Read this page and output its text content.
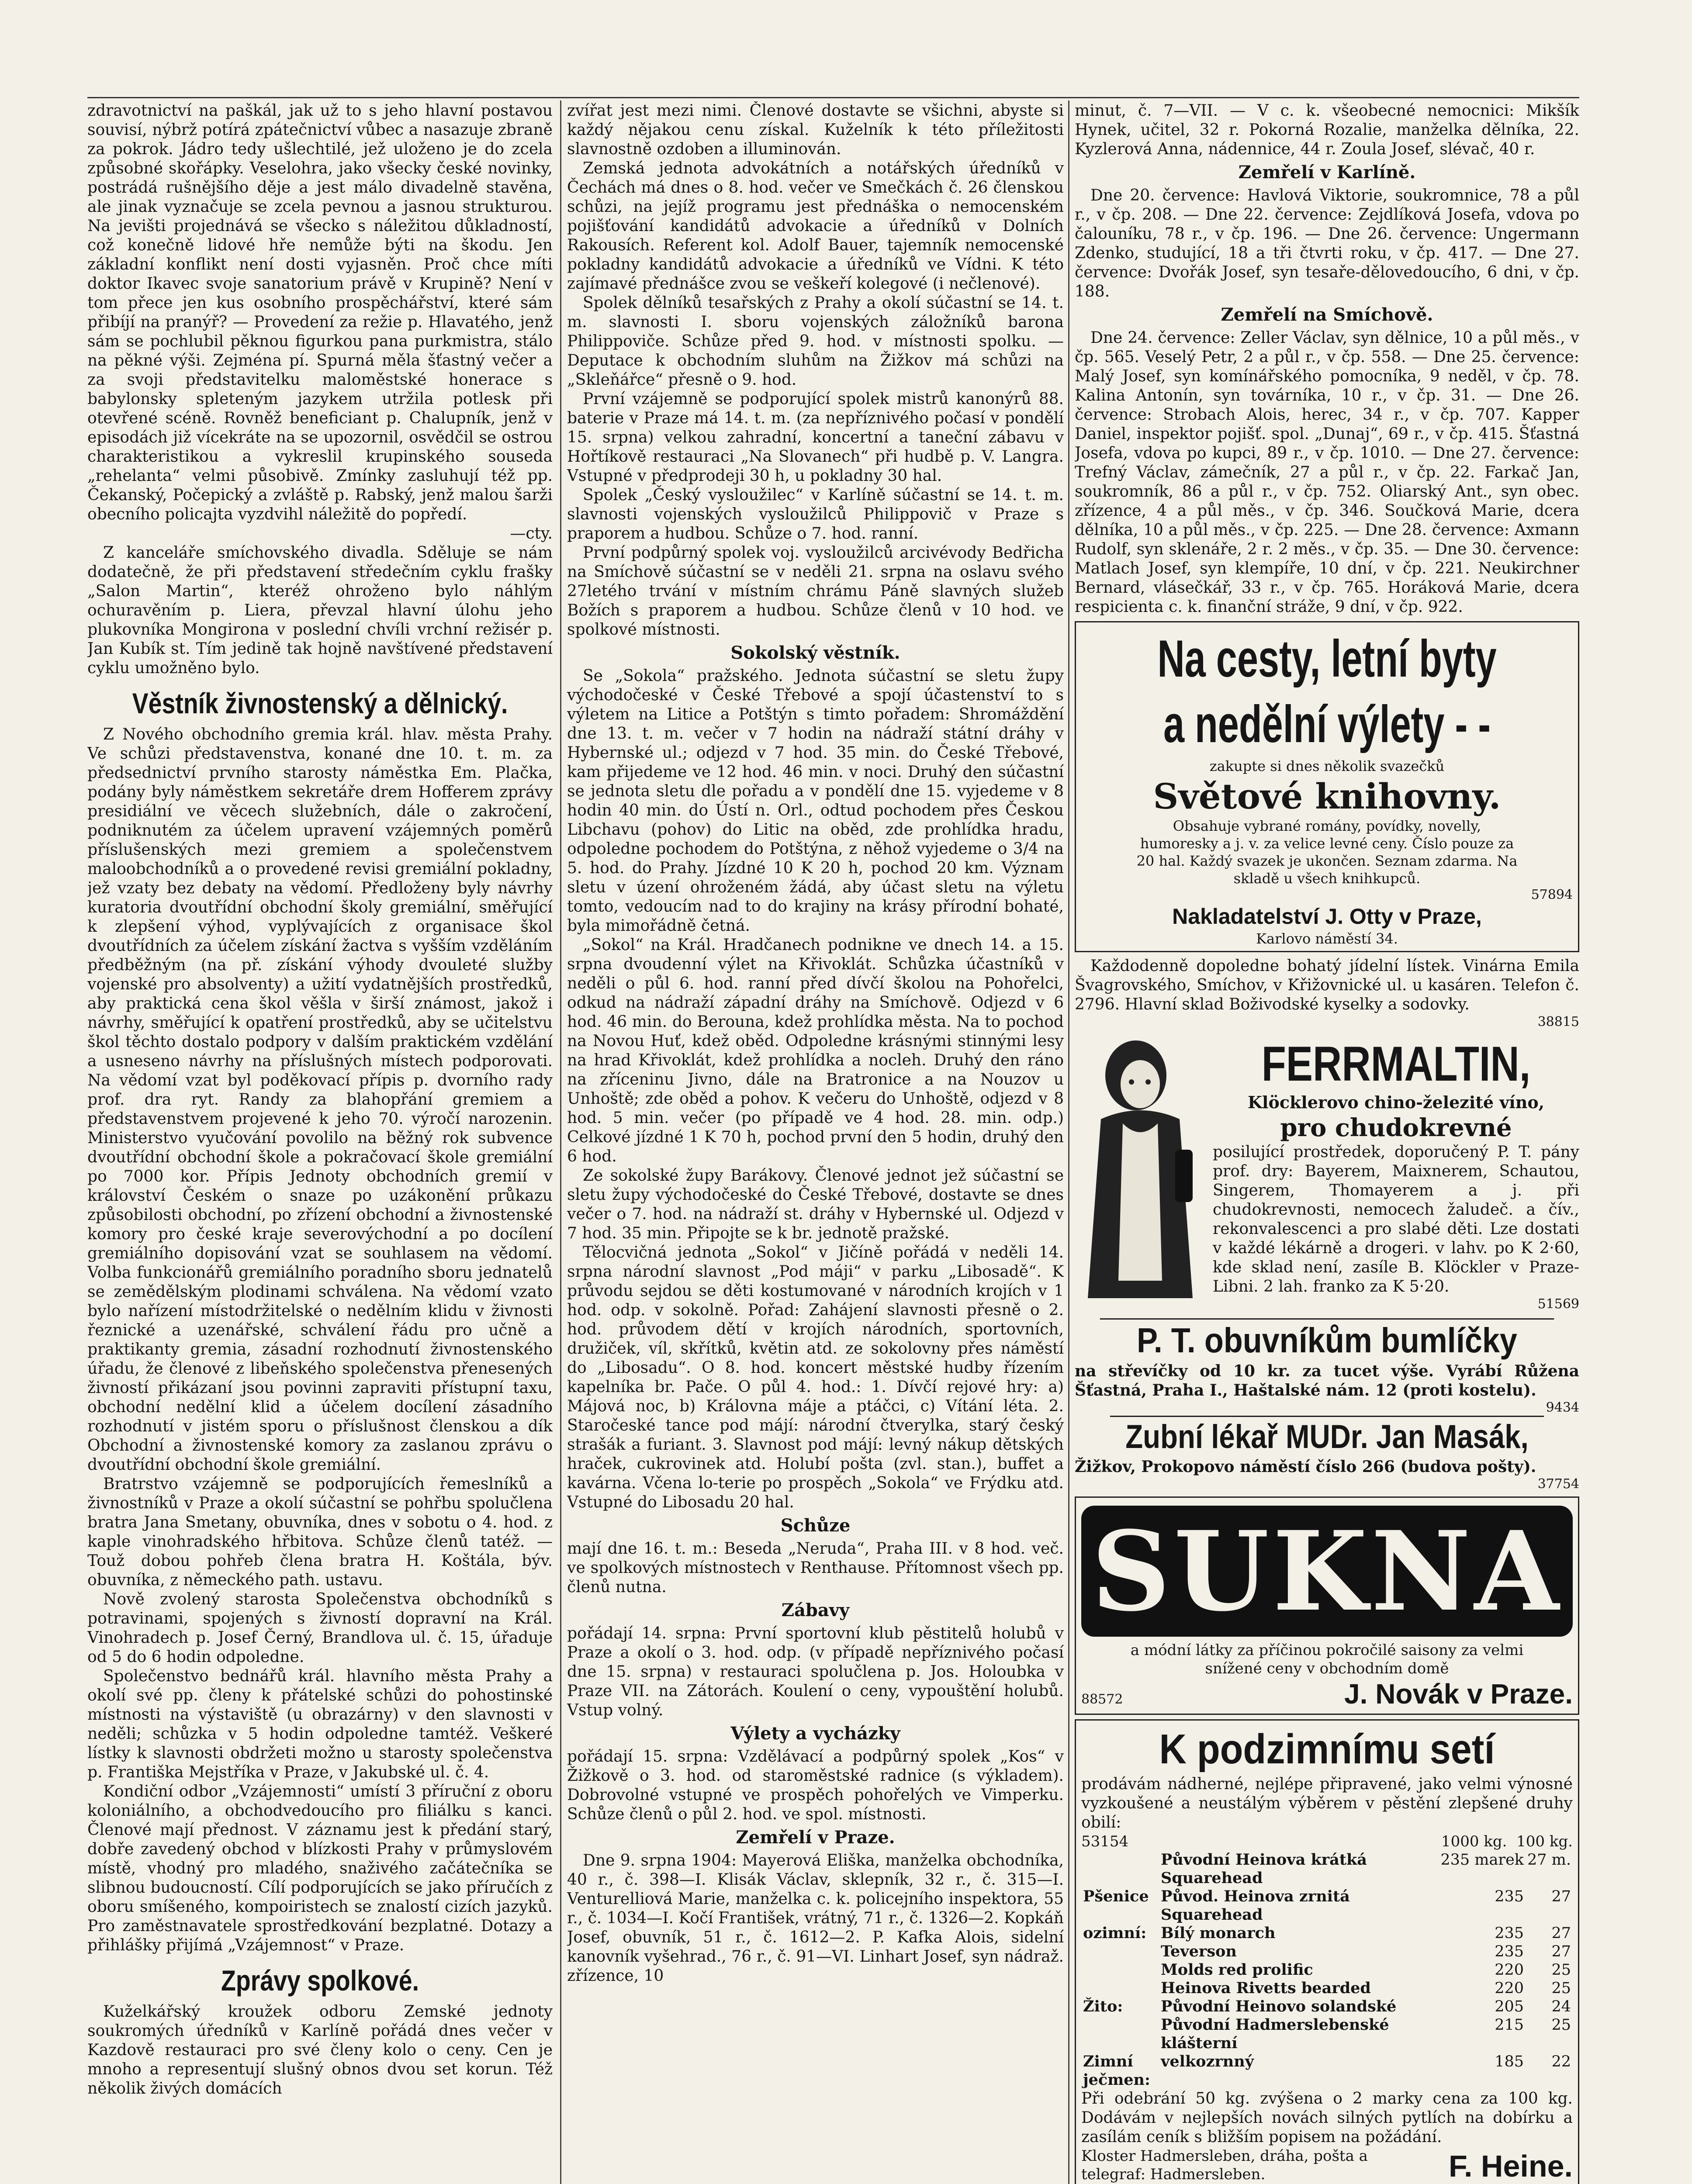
zdravotnictví na paškál, jak už to s jeho hlavní postavou souvisí, nýbrž potírá zpátečnictví vůbec a nasazuje zbraně za pokrok. Jádro tedy ušlechtilé, jež uloženo je do zcela způsobné skořápky. Veselohra, jako všecky české novinky, postrádá rušnějšího děje a jest málo divadelně stavěna, ale jinak vyznačuje se zcela pevnou a jasnou strukturou. Na jevišti projednává se všecko s náležitou důkladností, což konečně lidové hře nemůže býti na škodu. Jen základní konflikt není dosti vyjasněn. Proč chce míti doktor Ikavec svoje sanatorium právě v Krupině? Není v tom přece jen kus osobního prospěchářství, které sám přibíjí na pranýř? — Provedení za režie p. Hlavatého, jenž sám se pochlubil pěknou figurkou pana purkmistra, stálo na pěkné výši. Zejména pí. Spurná měla šťastný večer a za svoji představitelku maloměstské honerace s babylonsky spleteným jazykem utržila potlesk při otevřené scéně. Rovněž beneficiant p. Chalupník, jenž v episodách již vícekráte na se upozornil, osvědčil se ostrou charakteristikou a vykreslil krupinského souseda „rehelanta“ velmi působivě. Zmínky zasluhují též pp. Čekanský, Počepický a zvláště p. Rabský, jenž malou šarži obecního policajta vyzdvihl náležitě do popředí.

—cty.

Z kanceláře smíchovského divadla. Sděluje se nám dodatečně, že při představení středečním cyklu frašky „Salon Martin“, kteréž ohroženo bylo náhlým ochuravěním p. Liera, převzal hlavní úlohu jeho plukovníka Mongirona v poslední chvíli vrchní režisér p. Jan Kubík st. Tím jedině tak hojně navštívené představení cyklu umožněno bylo.

Věstník živnostenský a dělnický.

Z Nového obchodního gremia král. hlav. města Prahy. Ve schůzi představenstva, konané dne 10. t. m. za předsednictví prvního starosty náměstka Em. Plačka, podány byly náměstkem sekretáře drem Hofferem zprávy presidiální ve věcech služebních, dále o zakročení, podniknutém za účelem upravení vzájemných poměrů příslušenských mezi gremiem a společenstvem maloobchodníků a o provedené revisi gremiální pokladny, jež vzaty bez debaty na vědomí. Předloženy byly návrhy kuratoria dvoutřídní obchodní školy gremiální, směřující k zlepšení výhod, vyplývajících z organisace škol dvoutřídních za účelem získání žactva s vyšším vzděláním předběžným (na př. získání výhody dvouleté služby vojenské pro absolventy) a užití vydatnějších prostředků, aby praktická cena škol věšla v širší známost, jakož i návrhy, směřující k opatření prostředků, aby se učitelstvu škol těchto dostalo podpory v dalším praktickém vzdělání a usneseno návrhy na příslušných místech podporovati. Na vědomí vzat byl poděkovací přípis p. dvorního rady prof. dra ryt. Randy za blahopřání gremiem a představenstvem projevené k jeho 70. výročí narozenin. Ministerstvo vyučování povolilo na běžný rok subvence dvoutřídní obchodní škole a pokračovací škole gremiální po 7000 kor. Přípis Jednoty obchodních gremií v království Českém o snaze po uzákonění průkazu způsobilosti obchodní, po zřízení obchodní a živnostenské komory pro české kraje severovýchodní a po docílení gremiálního dopisování vzat se souhlasem na vědomí. Volba funkcionářů gremiálního poradního sboru jednatelů se zemědělským plodinami schválena. Na vědomí vzato bylo nařízení místodržitelské o nedělním klidu v živnosti řeznické a uzenářské, schválení řádu pro učně a praktikanty gremia, zásadní rozhodnutí živnostenského úřadu, že členové z libeňského společenstva přenesených živností přikázaní jsou povinni zapraviti přístupní taxu, obchodní nedělní klid a účelem docílení zásadního rozhodnutí v jistém sporu o příslušnost členskou a dík Obchodní a živnostenské komory za zaslanou zprávu o dvoutřídní obchodní škole gremiální.

Bratrstvo vzájemně se podporujících řemeslníků a živnostníků v Praze a okolí súčastní se pohřbu spolučlena bratra Jana Smetany, obuvníka, dnes v sobotu o 4. hod. z kaple vinohradského hřbitova. Schůze členů tatéž. — Touž dobou pohřeb člena bratra H. Koštála, býv. obuvníka, z německého path. ustavu.

Nově zvolený starosta Společenstva obchodníků s potravinami, spojených s živností dopravní na Král. Vinohradech p. Josef Černý, Brandlova ul. č. 15, úřaduje od 5 do 6 hodin odpoledne.

Společenstvo bednářů král. hlavního města Prahy a okolí své pp. členy k přátelské schůzi do pohostinské místnosti na výstaviště (u obrazárny) v den slavnosti v neděli; schůzka v 5 hodin odpoledne tamtéž. Veškeré lístky k slavnosti obdržeti možno u starosty společenstva p. Františka Mejstříka v Praze, v Jakubské ul. č. 4.

Kondiční odbor „Vzájemnosti“ umístí 3 příruční z oboru koloniálního, a obchodvedoucího pro filiálku s kanci. Členové mají přednost. V záznamu jest k předání starý, dobře zavedený obchod v blízkosti Prahy v průmyslovém místě, vhodný pro mladého, snaživého začátečníka se slibnou budoucností. Cílí podporujících se jako příručích z oboru smíšeného, kompoiristech se znalostí cizích jazyků. Pro zaměstnavatele sprostředkování bezplatné. Dotazy a přihlášky přijímá „Vzájemnost“ v Praze.

Zprávy spolkové.

Kuželkářský kroužek odboru Zemské jednoty soukromých úředníků v Karlíně pořádá dnes večer v Kazdově restauraci pro své členy kolo o ceny. Cen je mnoho a representují slušný obnos dvou set korun. Též několik živých domácích

zvířat jest mezi nimi. Členové dostavte se všichni, abyste si každý nějakou cenu získal. Kuželník k této příležitosti slavnostně ozdoben a illuminován.

Zemská jednota advokátních a notářských úředníků v Čechách má dnes o 8. hod. večer ve Smečkách č. 26 členskou schůzi, na jejíž programu jest přednáška o nemocenském pojišťování kandidátů advokacie a úředníků v Dolních Rakousích. Referent kol. Adolf Bauer, tajemník nemocenské pokladny kandidátů advokacie a úředníků ve Vídni. K této zajímavé přednášce zvou se veškeří kolegové (i nečlenové).

Spolek dělníků tesařských z Prahy a okolí súčastní se 14. t. m. slavnosti I. sboru vojenských záložníků barona Philippoviče. Schůze před 9. hod. v místnosti spolku. — Deputace k obchodním sluhům na Žižkov má schůzi na „Skleňářce“ přesně o 9. hod.

První vzájemně se podporující spolek mistrů kanonýrů 88. baterie v Praze má 14. t. m. (za nepříznivého počasí v pondělí 15. srpna) velkou zahradní, koncertní a taneční zábavu v Hořtíkově restauraci „Na Slovanech“ při hudbě p. V. Langra. Vstupné v předprodeji 30 h, u pokladny 30 hal.

Spolek „Český vysloužilec“ v Karlíně súčastní se 14. t. m. slavnosti vojenských vysloužilců Philippovič v Praze s praporem a hudbou. Schůze o 7. hod. ranní.

První podpůrný spolek voj. vysloužilců arcivévody Bedřicha na Smíchově súčastní se v neděli 21. srpna na oslavu svého 27letého trvání v místním chrámu Páně slavných služeb Božích s praporem a hudbou. Schůze členů v 10 hod. ve spolkové místnosti.

Sokolský věstník.

Se „Sokola“ pražského. Jednota súčastní se sletu župy východočeské v České Třebové a spojí účastenství to s výletem na Litice a Potštýn s timto pořadem: Shromáždění dne 13. t. m. večer v 7 hodin na nádraží státní dráhy v Hybernské ul.; odjezd v 7 hod. 35 min. do České Třebové, kam přijedeme ve 12 hod. 46 min. v noci. Druhý den súčastní se jednota sletu dle pořadu a v pondělí dne 15. vyjedeme v 8 hodin 40 min. do Ústí n. Orl., odtud pochodem přes Českou Libchavu (pohov) do Litic na oběd, zde prohlídka hradu, odpoledne pochodem do Potštýna, z něhož vyjedeme o 3/4 na 5. hod. do Prahy. Jízdné 10 K 20 h, pochod 20 km. Význam sletu v úzení ohroženém žádá, aby účast sletu na výletu tomto, vedoucím nad to do krajiny na krásy přírodní bohaté, byla mimořádně četná.

„Sokol“ na Král. Hradčanech podnikne ve dnech 14. a 15. srpna dvoudenní výlet na Křivoklát. Schůzka účastníků v neděli o půl 6. hod. ranní před dívčí školou na Pohořelci, odkud na nádraží západní dráhy na Smíchově. Odjezd v 6 hod. 46 min. do Berouna, kdež prohlídka města. Na to pochod na Novou Huť, kdež oběd. Odpoledne krásnými stinnými lesy na hrad Křivoklát, kdež prohlídka a nocleh. Druhý den ráno na zříceninu Jivno, dále na Bratronice a na Nouzov u Unhoště; zde oběd a pohov. K večeru do Unhoště, odjezd v 8 hod. 5 min. večer (po případě ve 4 hod. 28. min. odp.) Celkové jízdné 1 K 70 h, pochod první den 5 hodin, druhý den 6 hod.

Ze sokolské župy Barákovy. Členové jednot jež súčastní se sletu župy východočeské do České Třebové, dostavte se dnes večer o 7. hod. na nádraží st. dráhy v Hybernské ul. Odjezd v 7 hod. 35 min. Připojte se k br. jednotě pražské.

Tělocvičná jednota „Sokol“ v Jičíně pořádá v neděli 14. srpna národní slavnost „Pod máji“ v parku „Libosadě“. K průvodu sejdou se děti kostumované v národních krojích v 1 hod. odp. v sokolně. Pořad: Zahájení slavnosti přesně o 2. hod. průvodem dětí v krojích národních, sportovních, družiček, víl, skřítků, květin atd. ze sokolovny přes náměstí do „Libosadu“. O 8. hod. koncert městské hudby řízením kapelníka br. Pače. O půl 4. hod.: 1. Dívčí rejové hry: a) Májová noc, b) Královna máje a ptáčci, c) Vítání léta. 2. Staročeské tance pod májí: národní čtverylka, starý český strašák a furiant. 3. Slavnost pod májí: levný nákup dětských hraček, cukrovinek atd. Holubí pošta (zvl. stan.), buffet a kavárna. Včena lo-terie po prospěch „Sokola“ ve Frýdku atd. Vstupné do Libosadu 20 hal.

Schůze

mají dne 16. t. m.: Beseda „Neruda“, Praha III. v 8 hod. več. ve spolkových místnostech v Renthause. Přítomnost všech pp. členů nutna.

Zábavy

pořádají 14. srpna: První sportovní klub pěstitelů holubů v Praze a okolí o 3. hod. odp. (v případě nepříznivého počasí dne 15. srpna) v restauraci spolučlena p. Jos. Holoubka v Praze VII. na Zátorách. Koulení o ceny, vypouštění holubů. Vstup volný.

Výlety a vycházky

pořádají 15. srpna: Vzdělávací a podpůrný spolek „Kos“ v Žižkově o 3. hod. od staroměstské radnice (s výkladem). Dobrovolné vstupné ve prospěch pohořelých ve Vimperku. Schůze členů o půl 2. hod. ve spol. místnosti.

Zemřelí v Praze.

Dne 9. srpna 1904: Mayerová Eliška, manželka obchodníka, 40 r., č. 398—I. Klisák Václav, sklepník, 32 r., č. 315—I. Venturelliová Marie, manželka c. k. policejního inspektora, 55 r., č. 1034—I. Kočí František, vrátný, 71 r., č. 1326—2. Kopkáň Josef, obuvník, 51 r., č. 1612—2. P. Kafka Alois, sidelní kanovník vyšehrad., 76 r., č. 91—VI. Linhart Josef, syn nádraž. zřízence, 10

minut, č. 7—VII. — V c. k. všeobecné nemocnici: Mikšík Hynek, učitel, 32 r. Pokorná Rozalie, manželka dělníka, 22. Kyzlerová Anna, nádennice, 44 r. Zoula Josef, slévač, 40 r.

Zemřelí v Karlíně.

Dne 20. července: Havlová Viktorie, soukromnice, 78 a půl r., v čp. 208. — Dne 22. července: Zejdlíková Josefa, vdova po čalouníku, 78 r., v čp. 196. — Dne 26. července: Ungermann Zdenko, studující, 18 a tři čtvrti roku, v čp. 417. — Dne 27. července: Dvořák Josef, syn tesaře-dělovedoucího, 6 dni, v čp. 188.

Zemřelí na Smíchově.

Dne 24. července: Zeller Václav, syn dělnice, 10 a půl měs., v čp. 565. Veselý Petr, 2 a půl r., v čp. 558. — Dne 25. července: Malý Josef, syn komínářského pomocníka, 9 neděl, v čp. 78. Kalina Antonín, syn továrníka, 10 r., v čp. 31. — Dne 26. července: Strobach Alois, herec, 34 r., v čp. 707. Kapper Daniel, inspektor pojišť. spol. „Dunaj“, 69 r., v čp. 415. Šťastná Josefa, vdova po kupci, 89 r., v čp. 1010. — Dne 27. července: Trefný Václav, zámečník, 27 a půl r., v čp. 22. Farkač Jan, soukromník, 86 a půl r., v čp. 752. Oliarský Ant., syn obec. zřízence, 4 a půl měs., v čp. 346. Součková Marie, dcera dělníka, 10 a půl měs., v čp. 225. — Dne 28. července: Axmann Rudolf, syn sklenáře, 2 r. 2 měs., v čp. 35. — Dne 30. července: Matlach Josef, syn klempíře, 10 dní, v čp. 221. Neukirchner Bernard, vlásečkář, 33 r., v čp. 765. Horáková Marie, dcera respicienta c. k. finanční stráže, 9 dní, v čp. 922.

Na cesty, letní byty
a nedělní výlety - -
zakupte si dnes několik svazečků
Světové knihovny.
Obsahuje vybrané romány, povídky, novelly, humoresky a j. v. za velice levné ceny. Číslo pouze za 20 hal. Každý svazek je ukončen. Seznam zdarma. Na skladě u všech knihkupců.
57894
Nakladatelství J. Otty v Praze,
Karlovo náměstí 34.

Každodenně dopoledne bohatý jídelní lístek. Vinárna Emila Švagrovského, Smíchov, v Křižovnické ul. u kasáren. Telefon č. 2796. Hlavní sklad Boživodské kyselky a sodovky.

38815
FERRMALTIN,
Klöcklerovo chino-železité víno,
pro chudokrevné

posilující prostředek, doporučený P. T. pány prof. dry: Bayerem, Maixnerem, Schautou, Singerem, Thomayerem a j. při chudokrevnosti, nemocech žaludeč. a čív., rekonvalescenci a pro slabé děti. Lze dostati v každé lékárně a drogeri. v lahv. po K 2·60, kde sklad není, zasíle B. Klöckler v Praze-Libni. 2 lah. franko za K 5·20.

51569
P. T. obuvníkům bumlíčky

na střevíčky od 10 kr. za tucet výše. Vyrábí Růžena Šťastná, Praha I., Haštalské nám. 12 (proti kostelu).

9434
Zubní lékař MUDr. Jan Masák,

Žižkov, Prokopovo náměstí číslo 266 (budova pošty).

37754
SUKNA
a módní látky za příčinou pokročilé saisony za velmi snížené ceny v obchodním domě
88572	J. Novák v Praze.
K podzimnímu setí

prodávám nádherné, nejlépe připravené, jako velmi výnosné vyzkoušené a neustálým výběrem v pěstění zlepšené druhy obilí:

53154	1000 kg. 100 kg.
	Původní Heinova krátká Squarehead	235 marek	27 m.
Pšenice	Původ. Heinova zrnitá Squarehead	235	27
ozimní:	Bílý monarch	235	27
	Teverson	235	27
	Molds red prolific	220	25
	Heinova Rivetts bearded	220	25
Žito:	Původní Heinovo solandské	205	24
	Původní Hadmerslebenské klášterní	215	25
Zimní ječmen:	velkozrnný	185	22

Při odebrání 50 kg. zvýšena o 2 marky cena za 100 kg. Dodávám v nejlepších novách silných pytlích na dobírku a zasílám ceník s bližším popisem na požádání.

Kloster Hadmersleben, dráha, pošta a telegraf: Hadmersleben.	F. Heine.
